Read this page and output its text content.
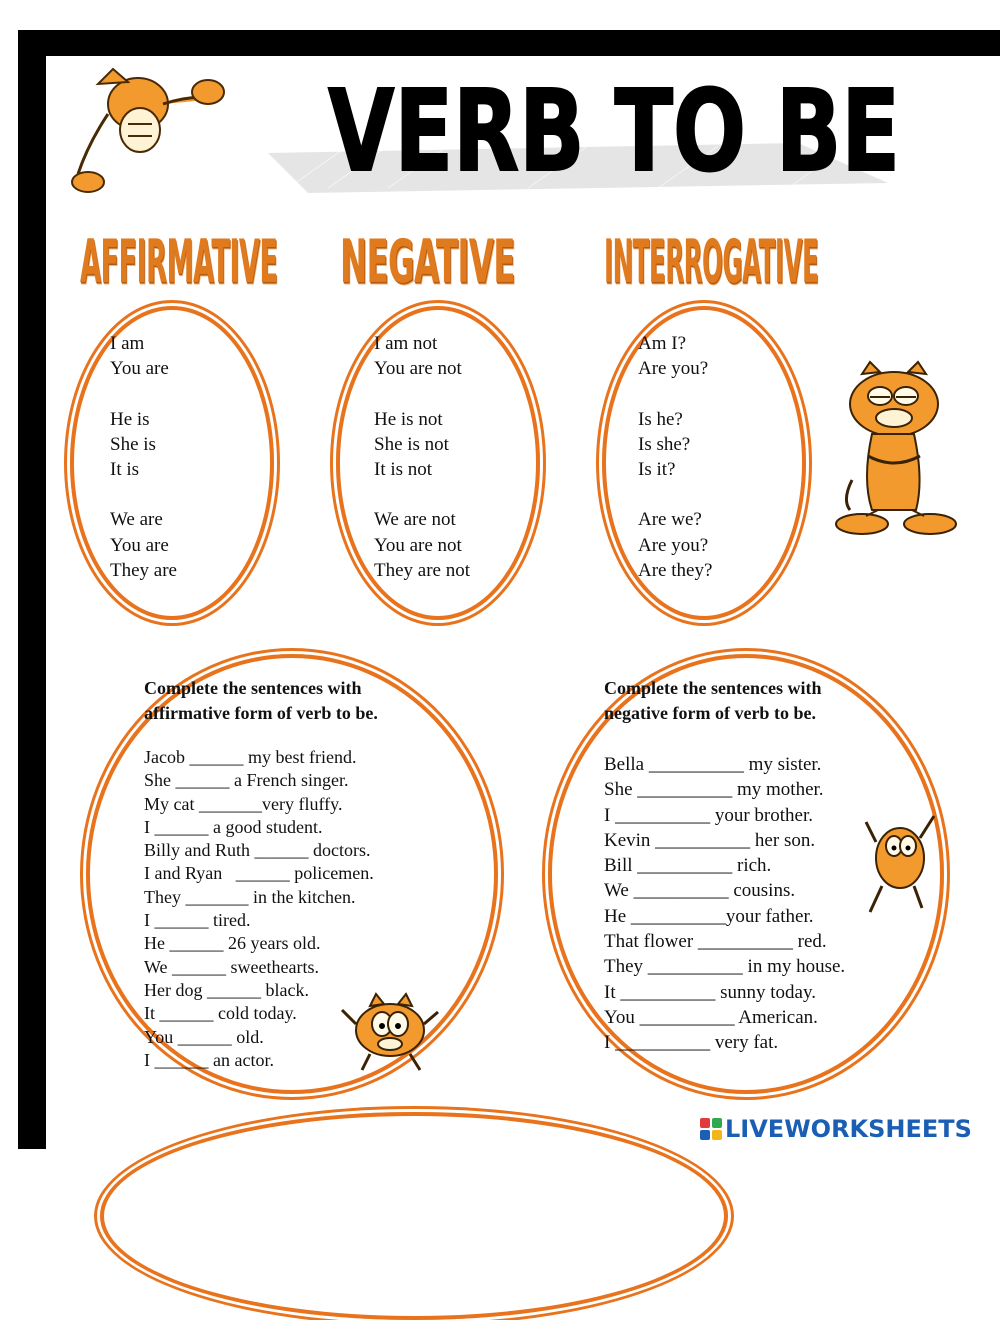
VERB TO BE
AFFIRMATIVE NEGATIVE INTERROGATIVE
I am
You are
He is
She is
It is
We are
You are
They are
I am not
You are not
He is not
She is not
It is not
We are not
You are not
They are not
Am I?
Are you?
Is he?
Is she?
Is it?
Are we?
Are you?
Are they?
Complete the sentences with
affirmative form of verb to be.
Jacob ______ my best friend.
She ______ a French singer.
My cat _______very fluffy.
I ______ a good student.
Billy and Ruth ______ doctors.
I and Ryan   ______ policemen.
They _______ in the kitchen.
I ______ tired.
He ______ 26 years old.
We ______ sweethearts.
Her dog ______ black.
It ______ cold today.
You ______ old.
I ______ an actor.
Complete the sentences with
negative form of verb to be.
Bella __________ my sister.
She __________ my mother.
I __________ your brother.
Kevin __________ her son.
Bill __________ rich.
We __________ cousins.
He __________your father.
That flower __________ red.
They __________ in my house.
It __________ sunny today.
You __________ American.
I __________ very fat.
LIVEWORKSHEETS
